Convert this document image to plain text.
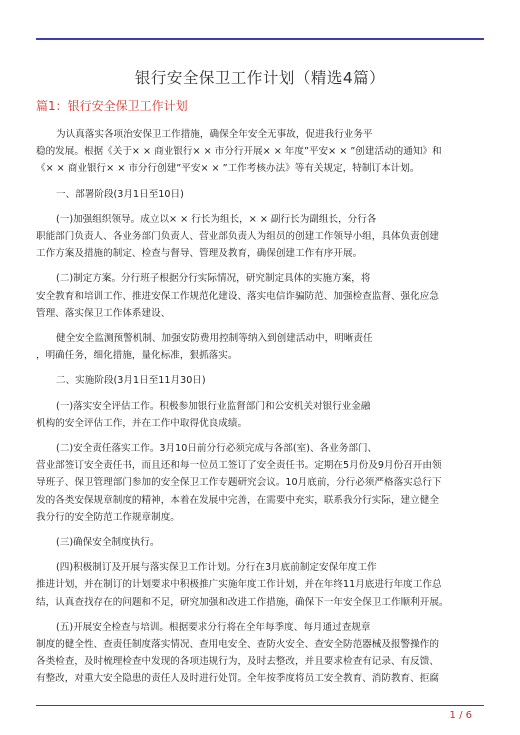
银行安全保卫工作计划（精选4篇）
篇1：银行安全保卫工作计划
为认真落实各项治安保卫工作措施，确保全年安全无事故，促进我行业务平
稳的发展。根据《关于× × 商业银行× × 市分行开展× × 年度”平安× × ”创建活动的通知》和
《× × 商业银行× × 市分行创建”平安× × ”工作考核办法》等有关规定，特制订本计划。
一、部署阶段(3月1日至10日)
(一)加强组织领导。成立以× × 行长为组长，× × 副行长为副组长，分行各
职能部门负责人、各业务部门负责人、营业部负责人为组员的创建工作领导小组，具体负责创建
工作方案及措施的制定、检查与督导、管理及教育，确保创建工作有序开展。
(二)制定方案。分行班子根据分行实际情况，研究制定具体的实施方案，将
安全教育和培训工作、推进安保工作规范化建设、落实电信诈骗防范、加强检查监督、强化应急
管理、落实保卫工作体系建设、
健全安全监测预警机制、加强安防费用控制等纳入到创建活动中，明晰责任
，明确任务，细化措施，量化标准，狠抓落实。
二、实施阶段(3月1日至11月30日)
(一)落实安全评估工作。积极参加银行业监督部门和公安机关对银行业金融
机构的安全评估工作，并在工作中取得优良成绩。
(二)安全责任落实工作。3月10日前分行必须完成与各部(室)、各业务部门、
营业部签订安全责任书，而且还和每一位员工签订了安全责任书。定期在5月份及9月份召开由领
导班子、保卫管理部门参加的安全保卫工作专题研究会议。10月底前，分行必须严格落实总行下
发的各类安保规章制度的精神，本着在发展中完善，在需要中充实，联系我分行实际，建立健全
我分行的安全防范工作规章制度。
(三)确保安全制度执行。
(四)积极制订及开展与落实保卫工作计划。分行在3月底前制定安保年度工作
推进计划，并在制订的计划要求中积极推广实施年度工作计划，并在年终11月底进行年度工作总
结，认真查找存在的问题和不足，研究加强和改进工作措施，确保下一年安全保卫工作顺利开展。
(五)开展安全检查与培训。根据要求分行将在全年每季度、每月通过查规章
制度的健全性、查责任制度落实情况、查用电安全、查防火安全、查安全防范器械及报警操作的
各类检查，及时梳理检查中发现的各项违规行为，及时去整改，并且要求检查有记录、有反馈、
有整改，对重大安全隐患的责任人及时进行处罚。全年按季度将员工安全教育、消防教育、拒腐
1 / 6
